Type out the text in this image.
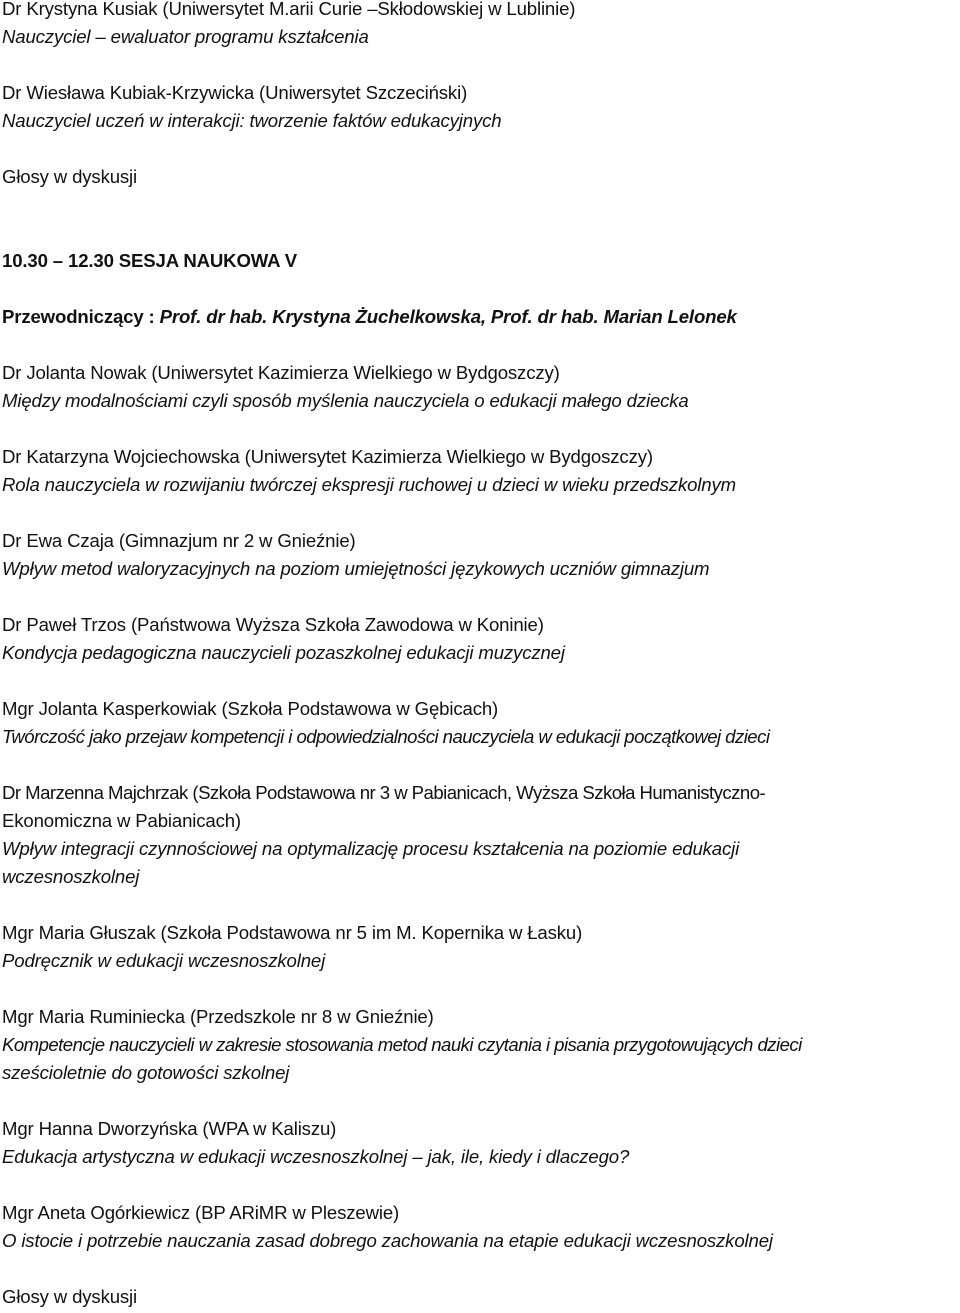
Dr Krystyna Kusiak (Uniwersytet M.arii Curie –Skłodowskiej w Lublinie)
Nauczyciel – ewaluator programu kształcenia
Dr Wiesława Kubiak-Krzywicka (Uniwersytet Szczeciński)
Nauczyciel uczeń w interakcji: tworzenie faktów edukacyjnych
Głosy w dyskusji
10.30 – 12.30 SESJA NAUKOWA V
Przewodniczący : Prof. dr hab. Krystyna Żuchelkowska, Prof. dr hab. Marian Lelonek
Dr Jolanta Nowak (Uniwersytet Kazimierza Wielkiego w Bydgoszczy)
Między modalnościami czyli sposób myślenia nauczyciela o edukacji małego dziecka
Dr Katarzyna Wojciechowska (Uniwersytet Kazimierza Wielkiego w Bydgoszczy)
Rola nauczyciela w rozwijaniu twórczej ekspresji ruchowej u dzieci w wieku przedszkolnym
Dr Ewa Czaja (Gimnazjum nr 2 w Gnieźnie)
Wpływ metod waloryzacyjnych na poziom umiejętności językowych uczniów gimnazjum
Dr Paweł Trzos (Państwowa Wyższa Szkoła Zawodowa w Koninie)
Kondycja pedagogiczna nauczycieli pozaszkolnej edukacji muzycznej
Mgr Jolanta Kasperkowiak (Szkoła Podstawowa w Gębicach)
Twórczość jako przejaw kompetencji i odpowiedzialności nauczyciela w edukacji początkowej dzieci
Dr Marzenna Majchrzak (Szkoła Podstawowa nr 3 w Pabianicach, Wyższa Szkoła Humanistyczno-
Ekonomiczna w Pabianicach)
Wpływ integracji czynnościowej na optymalizację procesu kształcenia na poziomie edukacji
wczesnoszkolnej
Mgr Maria Głuszak (Szkoła Podstawowa nr 5 im M. Kopernika w Łasku)
Podręcznik w edukacji wczesnoszkolnej
Mgr Maria Ruminiecka (Przedszkole nr 8 w Gnieźnie)
Kompetencje nauczycieli w zakresie stosowania metod nauki czytania i pisania przygotowujących dzieci
sześcioletnie do gotowości szkolnej
Mgr Hanna Dworzyńska (WPA w Kaliszu)
Edukacja artystyczna w edukacji wczesnoszkolnej – jak, ile, kiedy i dlaczego?
Mgr Aneta Ogórkiewicz (BP ARiMR w Pleszewie)
O istocie i potrzebie nauczania zasad dobrego zachowania na etapie edukacji wczesnoszkolnej
Głosy w dyskusji
